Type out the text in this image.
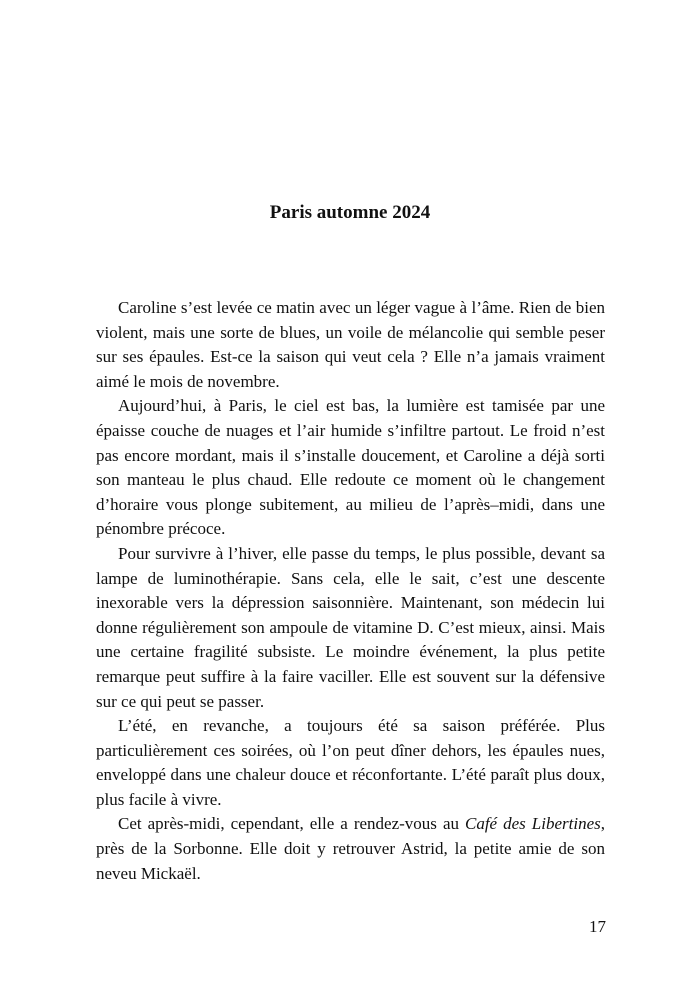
Paris automne 2024

Caroline s’est levée ce matin avec un léger vague à l’âme. Rien de bien violent, mais une sorte de blues, un voile de mélancolie qui semble peser sur ses épaules. Est-ce la saison qui veut cela ? Elle n’a jamais vraiment aimé le mois de novembre.

Aujourd’hui, à Paris, le ciel est bas, la lumière est tamisée par une épaisse couche de nuages et l’air humide s’infiltre partout. Le froid n’est pas encore mordant, mais il s’installe doucement, et Caroline a déjà sorti son manteau le plus chaud. Elle redoute ce moment où le changement d’horaire vous plonge subitement, au milieu de l’après–midi, dans une pénombre précoce.

Pour survivre à l’hiver, elle passe du temps, le plus possible, devant sa lampe de luminothérapie. Sans cela, elle le sait, c’est une descente inexorable vers la dépression saisonnière. Maintenant, son médecin lui donne régulièrement son ampoule de vitamine D. C’est mieux, ainsi. Mais une certaine fragilité subsiste. Le moindre événement, la plus petite remarque peut suffire à la faire vaciller. Elle est souvent sur la défensive sur ce qui peut se passer.

L’été, en revanche, a toujours été sa saison préférée. Plus particulièrement ces soirées, où l’on peut dîner dehors, les épaules nues, enveloppé dans une chaleur douce et réconfortante. L’été paraît plus doux, plus facile à vivre.

Cet après-midi, cependant, elle a rendez-vous au Café des Libertines, près de la Sorbonne. Elle doit y retrouver Astrid, la petite amie de son neveu Mickaël.

17
